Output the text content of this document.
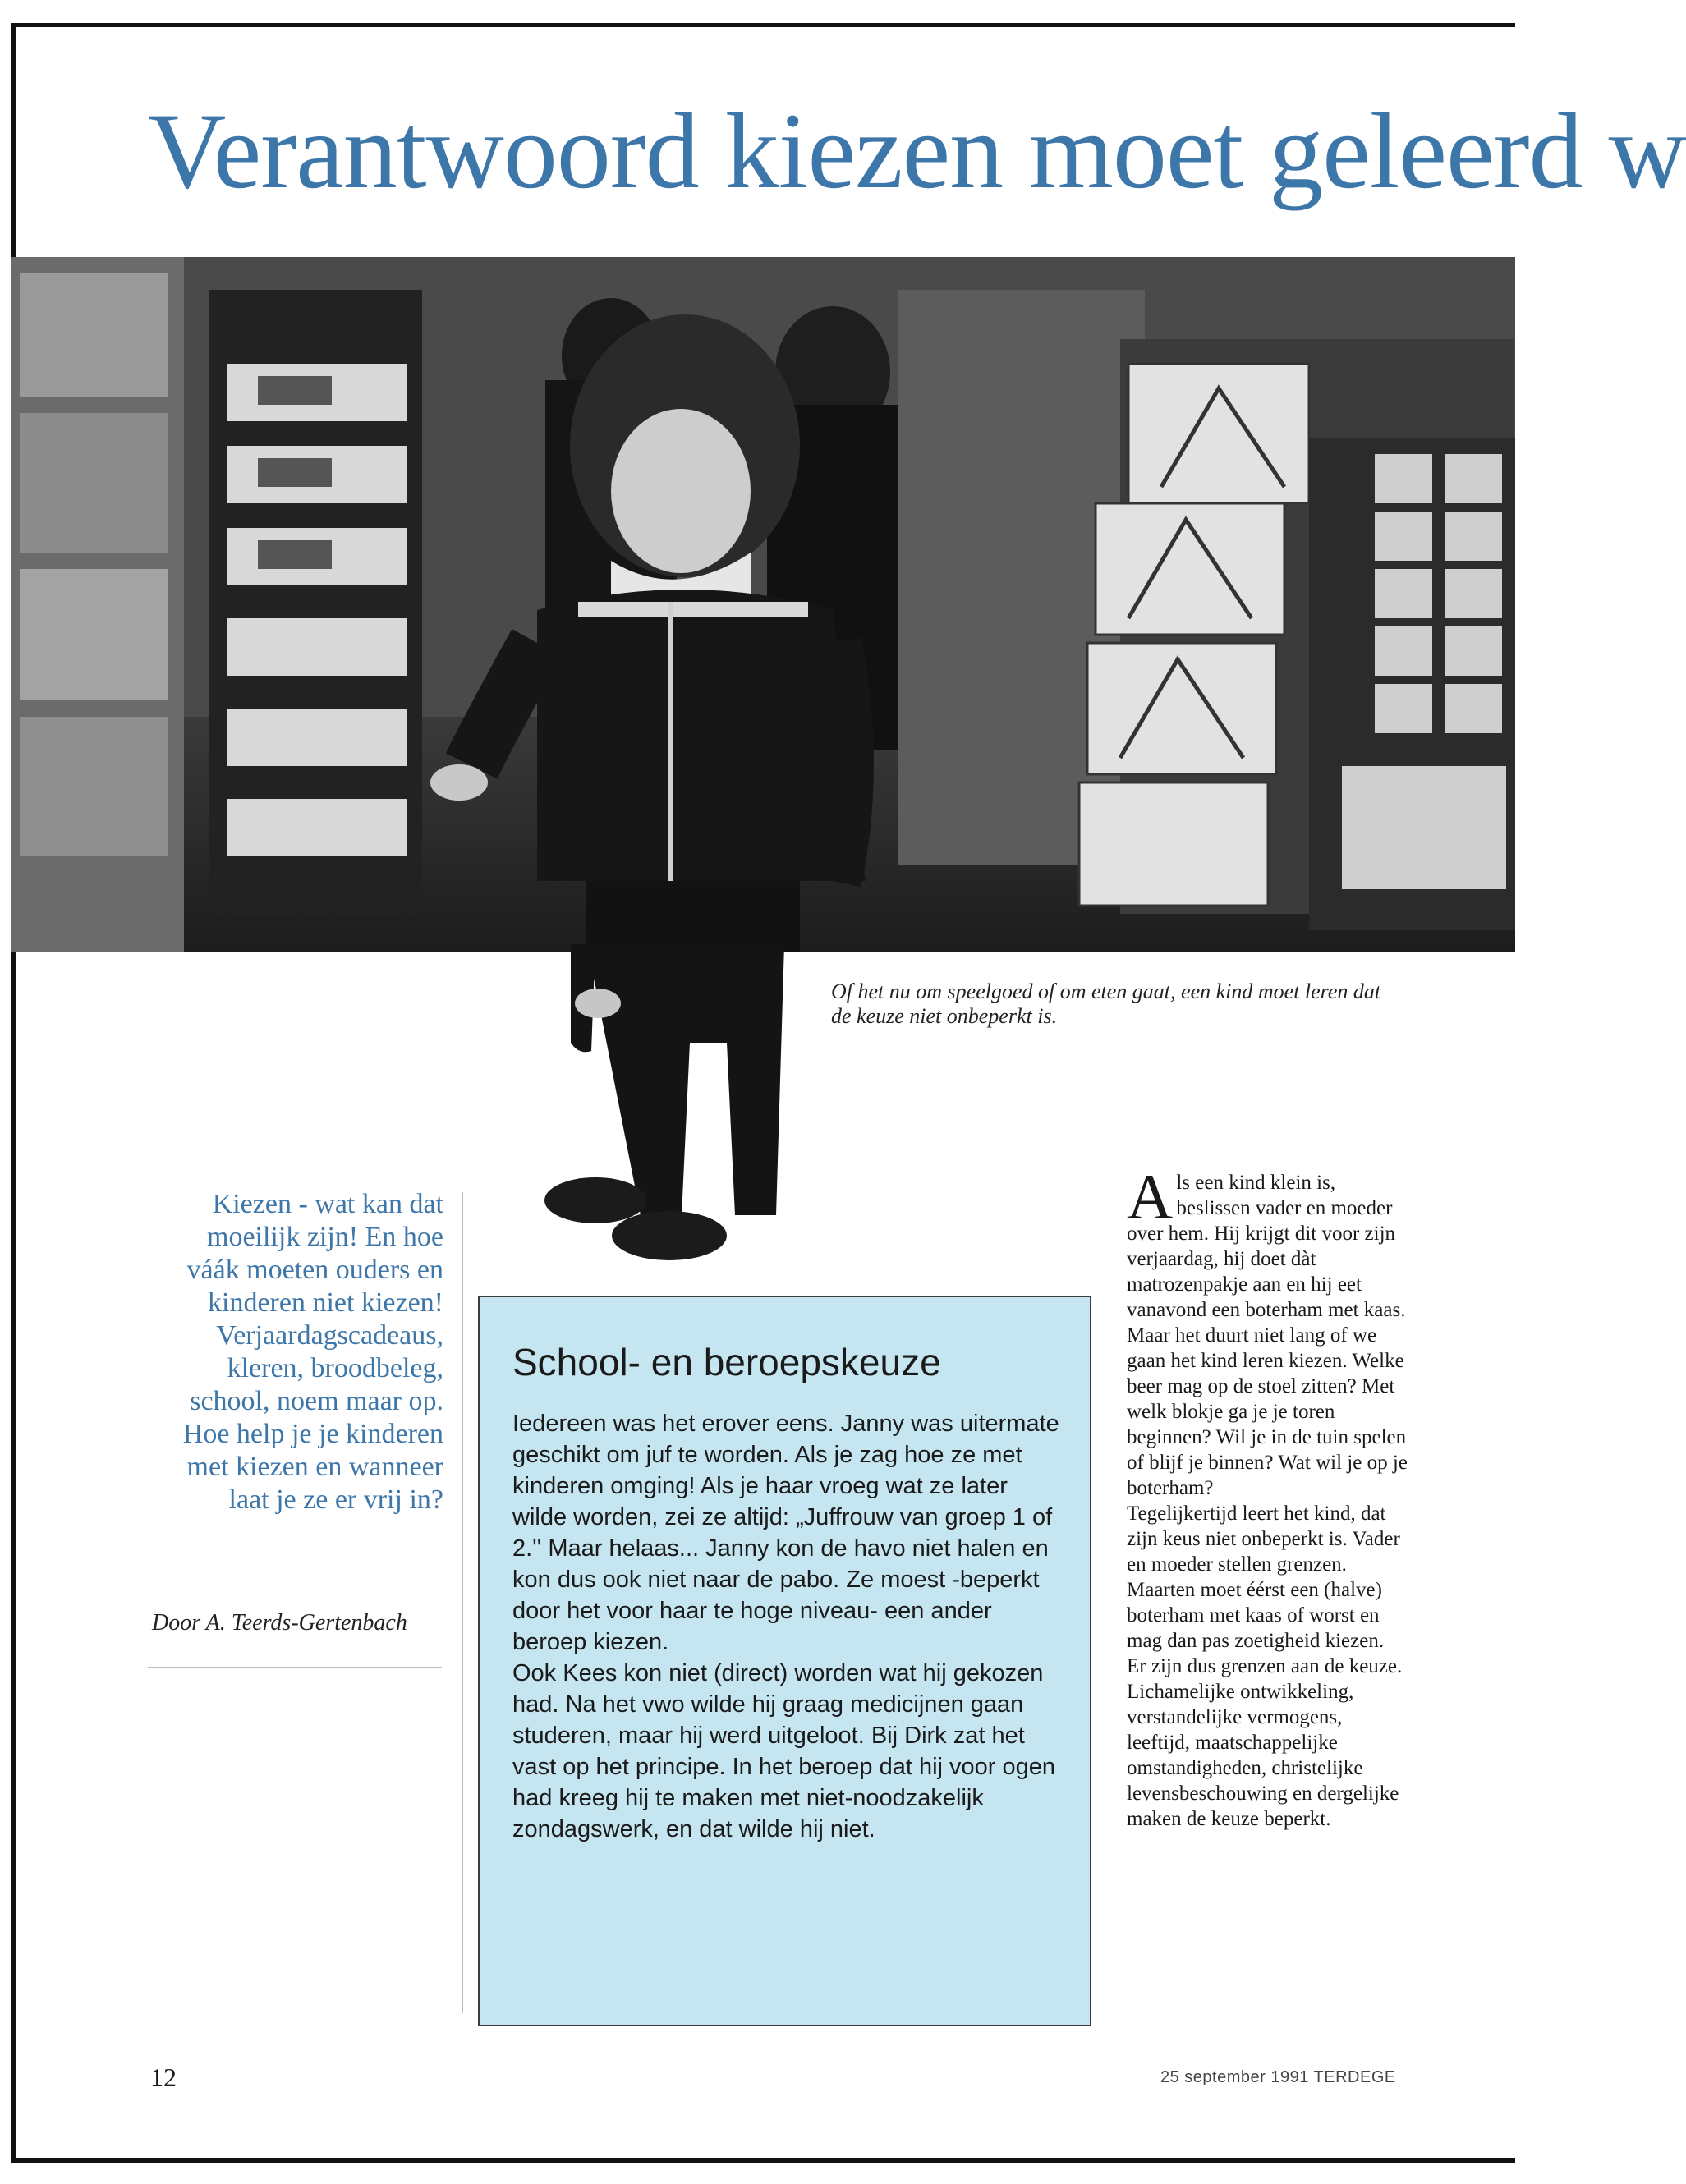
Verantwoord kiezen moet geleerd w
Of het nu om speelgoed of om eten gaat, een kind moet leren dat de keuze niet onbeperkt is.
Kiezen - wat kan dat moeilijk zijn! En hoe váák moeten ouders en kinderen niet kiezen! Verjaardagscadeaus, kleren, broodbeleg, school, noem maar op. Hoe help je je kinderen met kiezen en wanneer laat je ze er vrij in?
Door A. Teerds-Gertenbach
School- en beroepskeuze

Iedereen was het erover eens. Janny was uitermate geschikt om juf te worden. Als je zag hoe ze met kinderen omging! Als je haar vroeg wat ze later wilde worden, zei ze altijd: „Juffrouw van groep 1 of 2.'' Maar helaas... Janny kon de havo niet halen en kon dus ook niet naar de pabo. Ze moest -beperkt door het voor haar te hoge niveau- een ander beroep kiezen.

Ook Kees kon niet (direct) worden wat hij gekozen had. Na het vwo wilde hij graag medicijnen gaan studeren, maar hij werd uitgeloot. Bij Dirk zat het vast op het principe. In het beroep dat hij voor ogen had kreeg hij te maken met niet-noodzakelijk zondagswerk, en dat wilde hij niet.

Als een kind klein is, beslissen vader en moeder over hem. Hij krijgt dit voor zijn verjaardag, hij doet dàt matrozenpakje aan en hij eet vanavond een boterham met kaas. Maar het duurt niet lang of we gaan het kind leren kiezen. Welke beer mag op de stoel zitten? Met welk blokje ga je je toren beginnen? Wil je in de tuin spelen of blijf je binnen? Wat wil je op je boterham?

Tegelijkertijd leert het kind, dat zijn keus niet onbeperkt is. Vader en moeder stellen grenzen. Maarten moet éérst een (halve) boterham met kaas of worst en mag dan pas zoetigheid kiezen.

Er zijn dus grenzen aan de keuze. Lichamelijke ontwikkeling, verstandelijke vermogens, leeftijd, maatschappelijke omstandigheden, christelijke levensbeschouwing en dergelijke maken de keuze beperkt.

12	25 september 1991 TERDEGE
